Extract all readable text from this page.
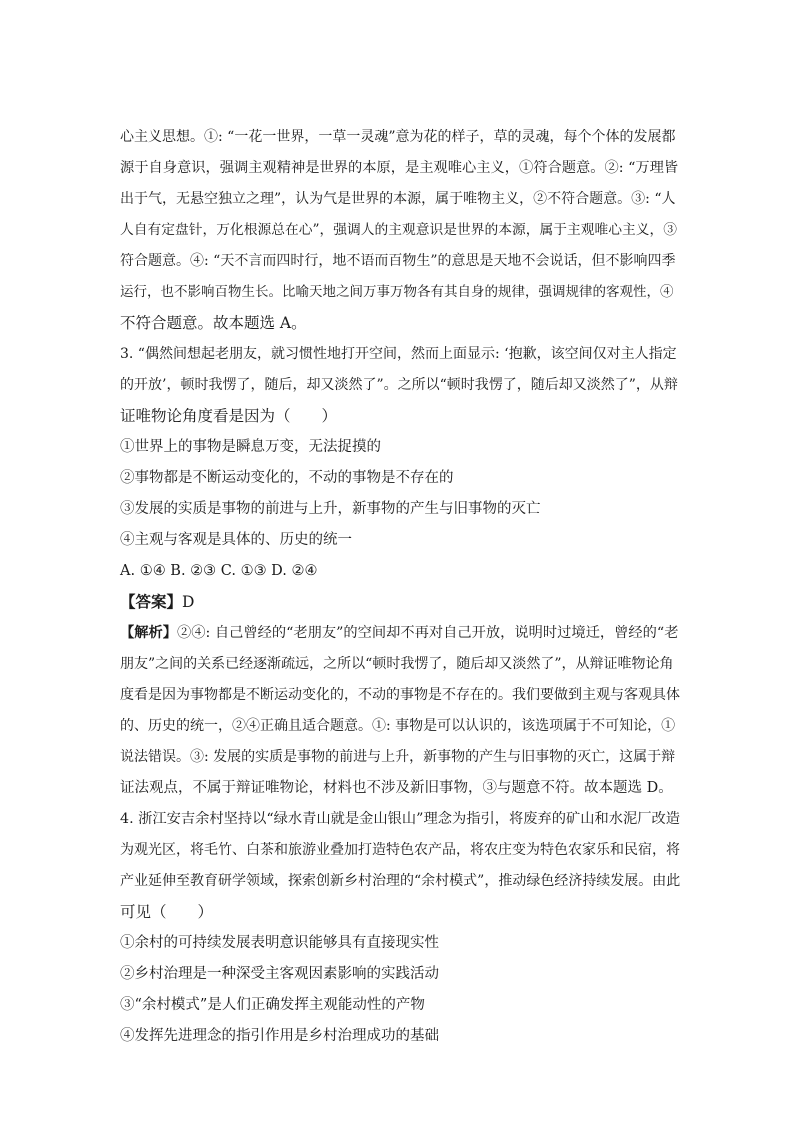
心主义思想。①: “一花一世界，一草一灵魂”意为花的样子，草的灵魂，每个个体的发展都
源于自身意识，强调主观精神是世界的本原，是主观唯心主义，①符合题意。②: “万理皆
出于气，无悬空独立之理”，认为气是世界的本源，属于唯物主义，②不符合题意。③: “人
人自有定盘针，万化根源总在心”，强调人的主观意识是世界的本源，属于主观唯心主义，③
符合题意。④: “天不言而四时行，地不语而百物生”的意思是天地不会说话，但不影响四季
运行，也不影响百物生长。比喻天地之间万事万物各有其自身的规律，强调规律的客观性，④
不符合题意。故本题选 A。
3. “偶然间想起老朋友，就习惯性地打开空间，然而上面显示: ‘抱歉，该空间仅对主人指定
的开放’，顿时我愣了，随后，却又淡然了”。之所以“顿时我愣了，随后却又淡然了”，从辩
证唯物论角度看是因为（　　）
①世界上的事物是瞬息万变，无法捉摸的
②事物都是不断运动变化的，不动的事物是不存在的
③发展的实质是事物的前进与上升，新事物的产生与旧事物的灭亡
④主观与客观是具体的、历史的统一
A. ①④ B. ②③ C. ①③ D. ②④
【答案】D
【解析】②④: 自己曾经的“老朋友”的空间却不再对自己开放，说明时过境迁，曾经的“老
朋友”之间的关系已经逐渐疏远，之所以“顿时我愣了，随后却又淡然了”，从辩证唯物论角
度看是因为事物都是不断运动变化的，不动的事物是不存在的。我们要做到主观与客观具体
的、历史的统一，②④正确且适合题意。①: 事物是可以认识的，该选项属于不可知论，①
说法错误。③: 发展的实质是事物的前进与上升，新事物的产生与旧事物的灭亡，这属于辩
证法观点，不属于辩证唯物论，材料也不涉及新旧事物，③与题意不符。故本题选 D。
4. 浙江安吉余村坚持以“绿水青山就是金山银山”理念为指引，将废弃的矿山和水泥厂改造
为观光区，将毛竹、白茶和旅游业叠加打造特色农产品，将农庄变为特色农家乐和民宿，将
产业延伸至教育研学领域，探索创新乡村治理的“余村模式”，推动绿色经济持续发展。由此
可见（　　）
①余村的可持续发展表明意识能够具有直接现实性
②乡村治理是一种深受主客观因素影响的实践活动
③“余村模式”是人们正确发挥主观能动性的产物
④发挥先进理念的指引作用是乡村治理成功的基础
